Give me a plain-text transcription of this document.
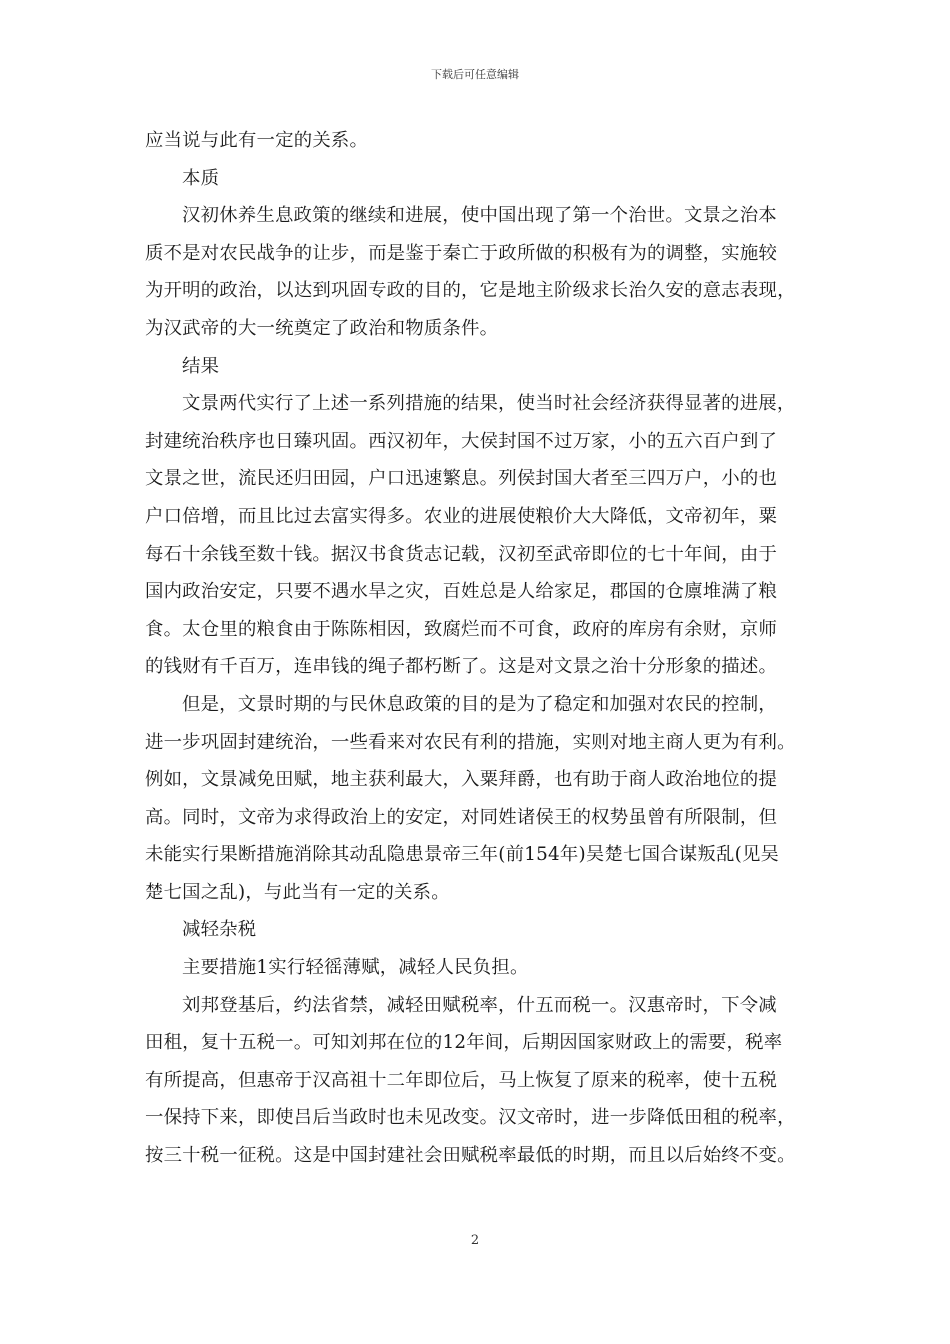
下载后可任意编辑
应当说与此有一定的关系。
本质
汉初休养生息政策的继续和进展，使中国出现了第一个治世。文景之治本
质不是对农民战争的让步，而是鉴于秦亡于政所做的积极有为的调整，实施较
为开明的政治，以达到巩固专政的目的，它是地主阶级求长治久安的意志表现，
为汉武帝的大一统奠定了政治和物质条件。
结果
文景两代实行了上述一系列措施的结果，使当时社会经济获得显著的进展，
封建统治秩序也日臻巩固。西汉初年，大侯封国不过万家，小的五六百户到了
文景之世，流民还归田园，户口迅速繁息。列侯封国大者至三四万户，小的也
户口倍增，而且比过去富实得多。农业的进展使粮价大大降低，文帝初年，粟
每石十余钱至数十钱。据汉书食货志记载，汉初至武帝即位的七十年间，由于
国内政治安定，只要不遇水旱之灾，百姓总是人给家足，郡国的仓廪堆满了粮
食。太仓里的粮食由于陈陈相因，致腐烂而不可食，政府的库房有余财，京师
的钱财有千百万，连串钱的绳子都朽断了。这是对文景之治十分形象的描述。
但是，文景时期的与民休息政策的目的是为了稳定和加强对农民的控制，
进一步巩固封建统治，一些看来对农民有利的措施，实则对地主商人更为有利。
例如，文景减免田赋，地主获利最大，入粟拜爵，也有助于商人政治地位的提
高。同时，文帝为求得政治上的安定，对同姓诸侯王的权势虽曾有所限制，但
未能实行果断措施消除其动乱隐患景帝三年(前154年)吴楚七国合谋叛乱(见吴
楚七国之乱)，与此当有一定的关系。
减轻杂税
主要措施1实行轻徭薄赋，减轻人民负担。
刘邦登基后，约法省禁，减轻田赋税率，什五而税一。汉惠帝时，下令减
田租，复十五税一。可知刘邦在位的12年间，后期因国家财政上的需要，税率
有所提高，但惠帝于汉高祖十二年即位后，马上恢复了原来的税率，使十五税
一保持下来，即使吕后当政时也未见改变。汉文帝时，进一步降低田租的税率，
按三十税一征税。这是中国封建社会田赋税率最低的时期，而且以后始终不变。
2
